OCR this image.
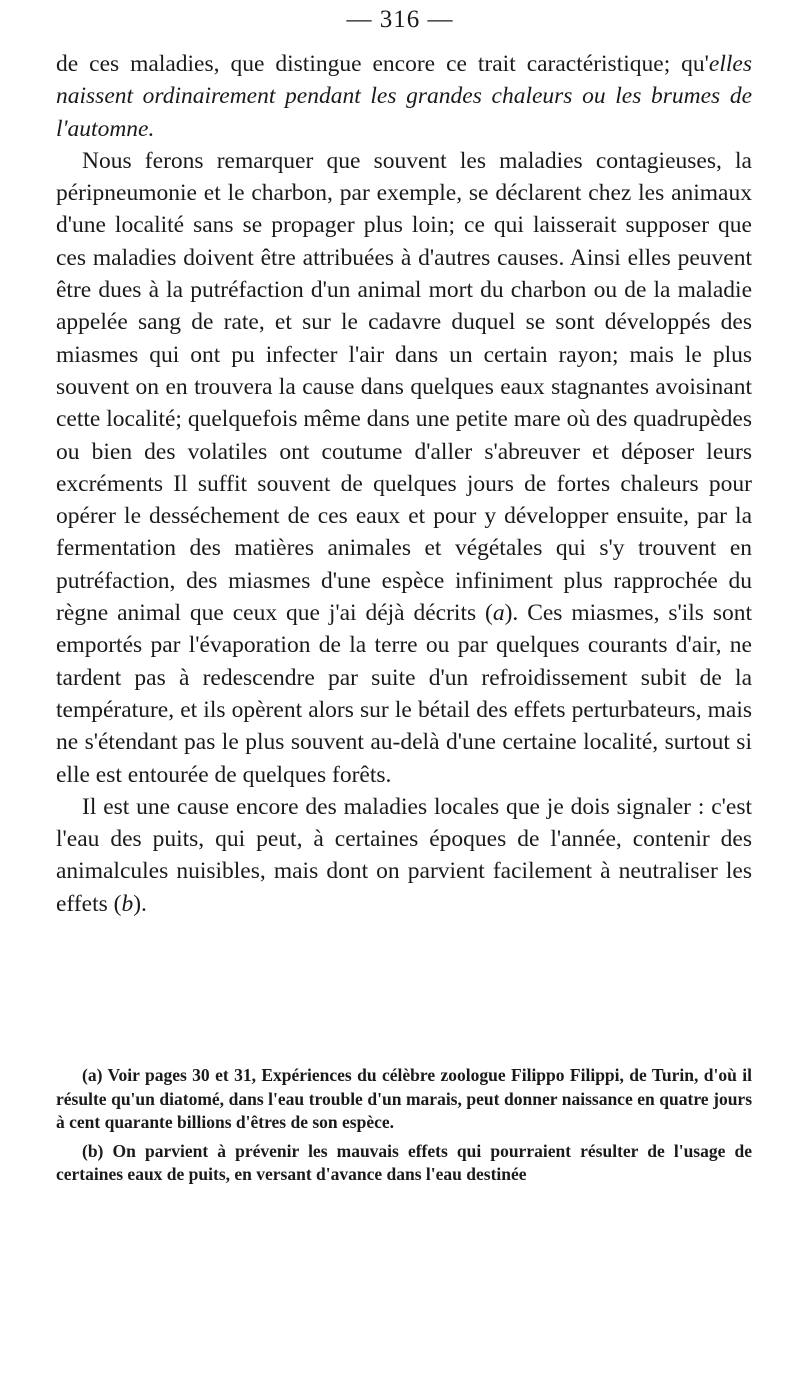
— 316 —

de ces maladies, que distingue encore ce trait caractéristique; qu'elles naissent ordinairement pendant les grandes chaleurs ou les brumes de l'automne.

Nous ferons remarquer que souvent les maladies contagieuses, la péripneumonie et le charbon, par exemple, se déclarent chez les animaux d'une localité sans se propager plus loin; ce qui laisserait supposer que ces maladies doivent être attribuées à d'autres causes. Ainsi elles peuvent être dues à la putréfaction d'un animal mort du charbon ou de la maladie appelée sang de rate, et sur le cadavre duquel se sont développés des miasmes qui ont pu infecter l'air dans un certain rayon; mais le plus souvent on en trouvera la cause dans quelques eaux stagnantes avoisinant cette localité; quelquefois même dans une petite mare où des quadrupèdes ou bien des volatiles ont coutume d'aller s'abreuver et déposer leurs excréments Il suffit souvent de quelques jours de fortes chaleurs pour opérer le desséchement de ces eaux et pour y développer ensuite, par la fermentation des matières animales et végétales qui s'y trouvent en putréfaction, des miasmes d'une espèce infiniment plus rapprochée du règne animal que ceux que j'ai déjà décrits (a). Ces miasmes, s'ils sont emportés par l'évaporation de la terre ou par quelques courants d'air, ne tardent pas à redescendre par suite d'un refroidissement subit de la température, et ils opèrent alors sur le bétail des effets perturbateurs, mais ne s'étendant pas le plus souvent au-delà d'une certaine localité, surtout si elle est entourée de quelques forêts.

Il est une cause encore des maladies locales que je dois signaler : c'est l'eau des puits, qui peut, à certaines époques de l'année, contenir des animalcules nuisibles, mais dont on parvient facilement à neutraliser les effets (b).

(a) Voir pages 30 et 31, Expériences du célèbre zoologue Filippo Filippi, de Turin, d'où il résulte qu'un diatomé, dans l'eau trouble d'un marais, peut donner naissance en quatre jours à cent quarante billions d'êtres de son espèce.

(b) On parvient à prévenir les mauvais effets qui pourraient résulter de l'usage de certaines eaux de puits, en versant d'avance dans l'eau destinée
